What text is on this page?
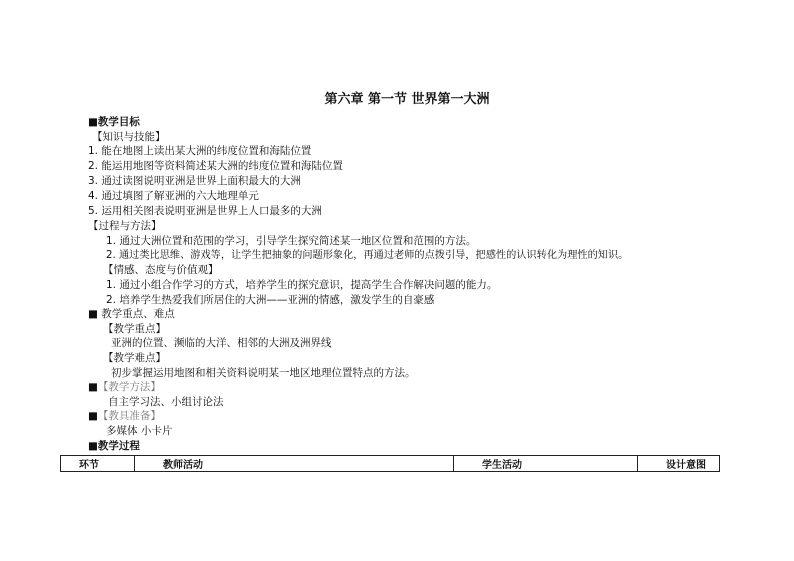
第六章 第一节 世界第一大洲
■教学目标
【知识与技能】
1. 能在地图上读出某大洲的纬度位置和海陆位置
2. 能运用地图等资料简述某大洲的纬度位置和海陆位置
3. 通过读图说明亚洲是世界上面积最大的大洲
4. 通过填图了解亚洲的六大地理单元
5. 运用相关图表说明亚洲是世界上人口最多的大洲
【过程与方法】
1. 通过大洲位置和范围的学习，引导学生探究简述某一地区位置和范围的方法。
2. 通过类比思维、游戏等，让学生把抽象的问题形象化，再通过老师的点拨引导，把感性的认识转化为理性的知识。
【情感、态度与价值观】
1. 通过小组合作学习的方式，培养学生的探究意识，提高学生合作解决问题的能力。
2. 培养学生热爱我们所居住的大洲——亚洲的情感，激发学生的自豪感
■ 教学重点、难点
【教学重点】
亚洲的位置、濒临的大洋、相邻的大洲及洲界线
【教学难点】
初步掌握运用地图和相关资料说明某一地区地理位置特点的方法。
■【教学方法】
自主学习法、小组讨论法
■【教具准备】
多媒体 小卡片
■教学过程
环节	教师活动	学生活动	设计意图
